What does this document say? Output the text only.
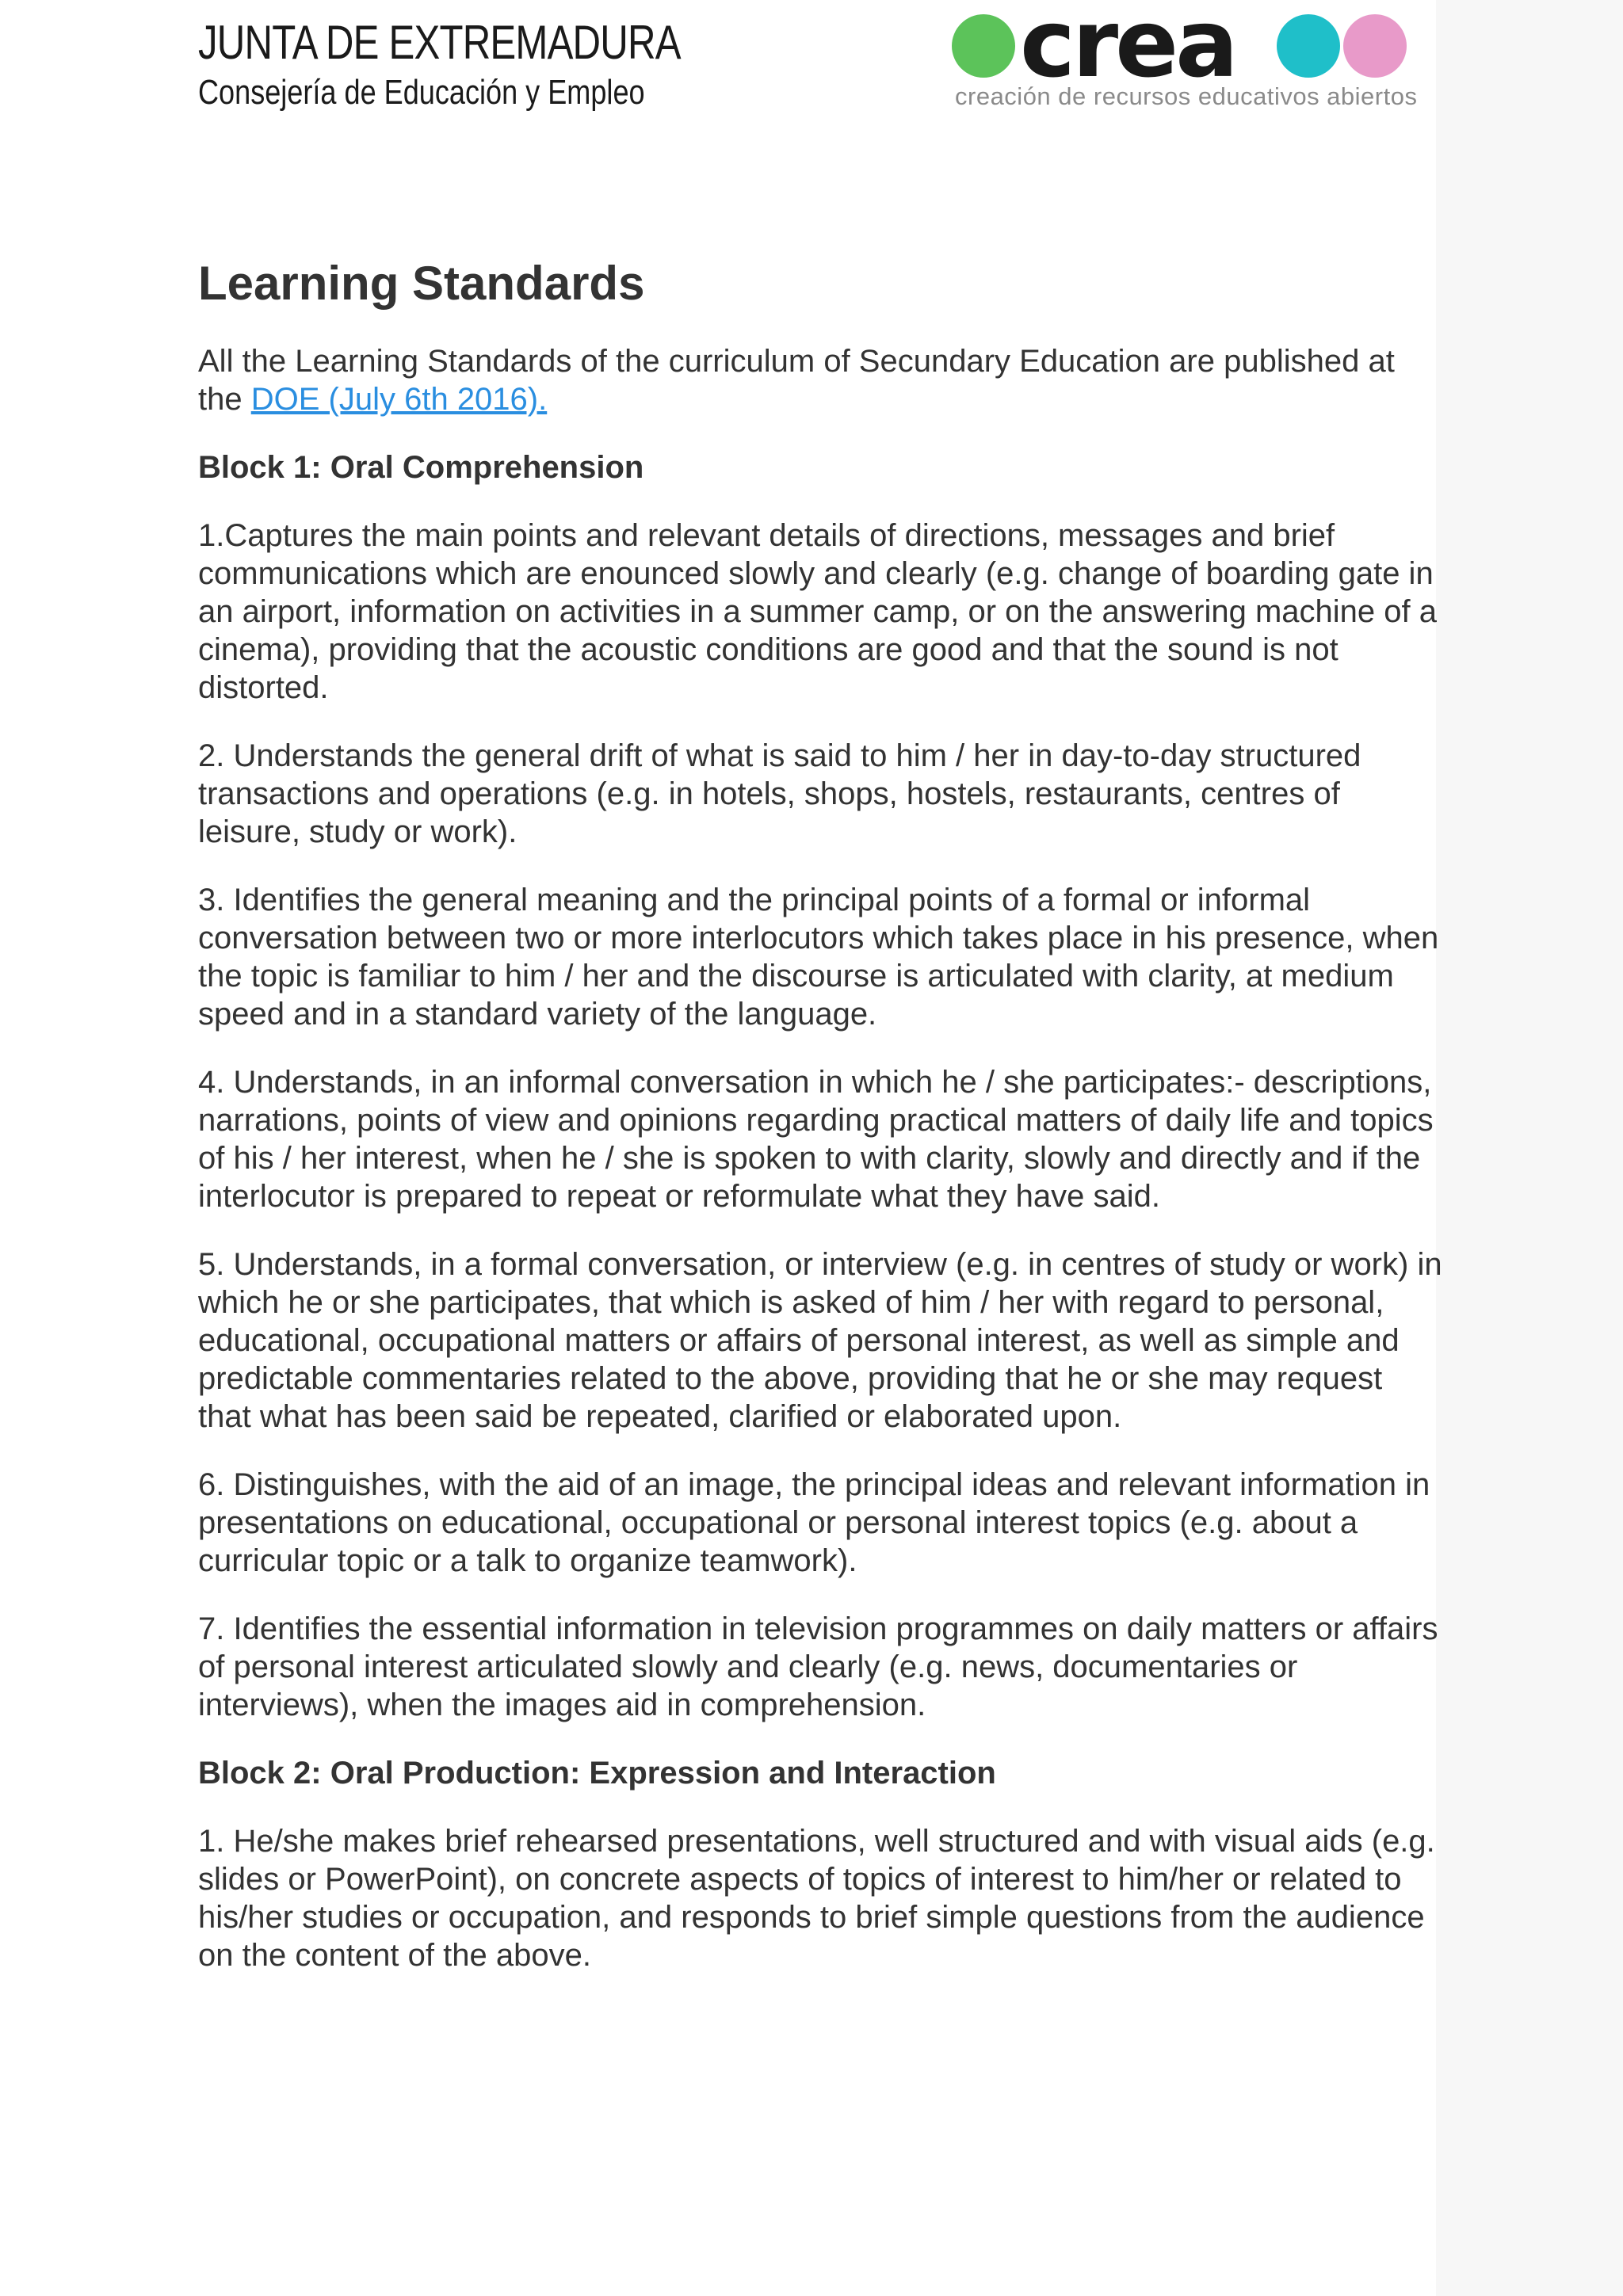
JUNTA DE EXTREMADURA
Consejería de Educación y Empleo	crea
creación de recursos educativos abiertos
Learning Standards

All the Learning Standards of the curriculum of Secundary Education are published at the DOE (July 6th 2016).

Block 1: Oral Comprehension

1.Captures the main points and relevant details of directions, messages and brief communications which are enounced slowly and clearly (e.g. change of boarding gate in an airport, information on activities in a summer camp, or on the answering machine of a cinema), providing that the acoustic conditions are good and that the sound is not distorted.

2. Understands the general drift of what is said to him / her in day-to-day structured transactions and operations (e.g. in hotels, shops, hostels, restaurants, centres of leisure, study or work).

3. Identifies the general meaning and the principal points of a formal or informal conversation between two or more interlocutors which takes place in his presence, when the topic is familiar to him / her and the discourse is articulated with clarity, at medium speed and in a standard variety of the language.

4. Understands, in an informal conversation in which he / she participates:- descriptions, narrations, points of view and opinions regarding practical matters of daily life and topics of his / her interest, when he / she is spoken to with clarity, slowly and directly and if the interlocutor is prepared to repeat or reformulate what they have said.

5. Understands, in a formal conversation, or interview (e.g. in centres of study or work) in which he or she participates, that which is asked of him / her with regard to personal, educational, occupational matters or affairs of personal interest, as well as simple and predictable commentaries related to the above, providing that he or she may request that what has been said be repeated, clarified or elaborated upon.

6. Distinguishes, with the aid of an image, the principal ideas and relevant information in presentations on educational, occupational or personal interest topics (e.g. about a curricular topic or a talk to organize teamwork).

7. Identifies the essential information in television programmes on daily matters or affairs of personal interest articulated slowly and clearly (e.g. news, documentaries or interviews), when the images aid in comprehension.

Block 2: Oral Production: Expression and Interaction

1. He/she makes brief rehearsed presentations, well structured and with visual aids (e.g. slides or PowerPoint), on concrete aspects of topics of interest to him/her or related to his/her studies or occupation, and responds to brief simple questions from the audience on the content of the above.
